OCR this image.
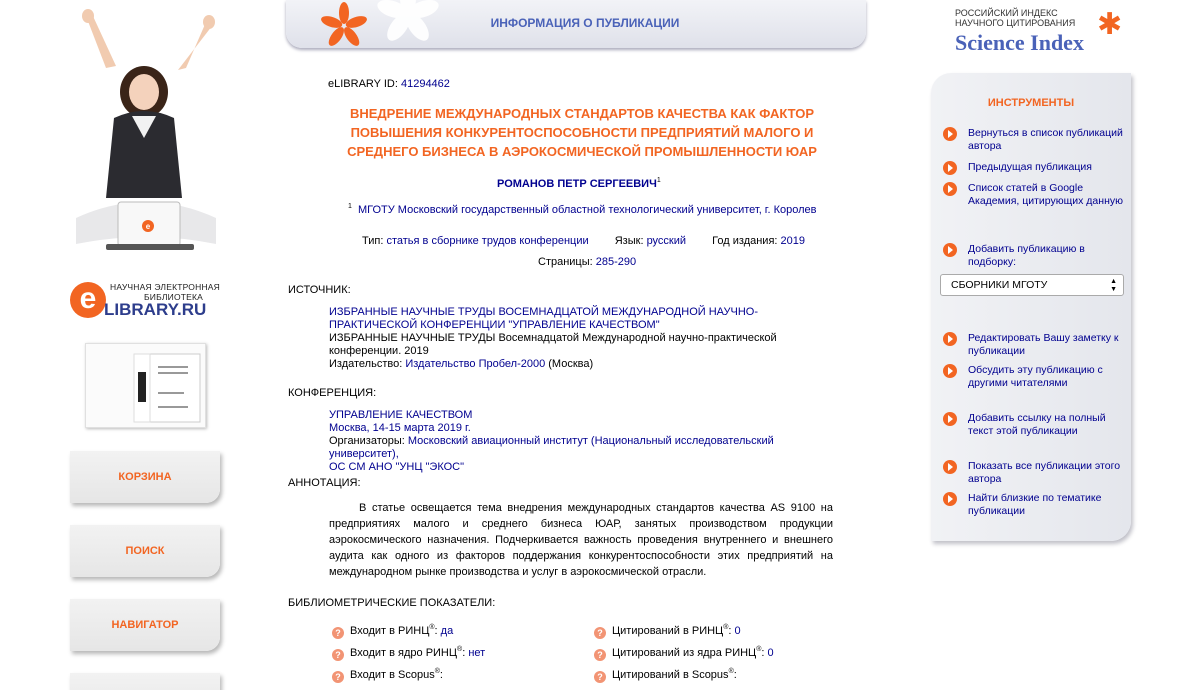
e
НАУЧНАЯ ЭЛЕКТРОННАЯ
БИБЛИОТЕКА
e LIBRARY.RU
КОРЗИНА
ПОИСК
НАВИГАТОР
ИНФОРМАЦИЯ О ПУБЛИКАЦИИ
eLIBRARY ID: 41294462
ВНЕДРЕНИЕ МЕЖДУНАРОДНЫХ СТАНДАРТОВ КАЧЕСТВА КАК ФАКТОР ПОВЫШЕНИЯ КОНКУРЕНТОСПОСОБНОСТИ ПРЕДПРИЯТИЙ МАЛОГО И СРЕДНЕГО БИЗНЕСА В АЭРОКОСМИЧЕСКОЙ ПРОМЫШЛЕННОСТИ ЮАР
РОМАНОВ ПЕТР СЕРГЕЕВИЧ$^1$
$^1$ МГОТУ Московский государственный областной технологический университет, г. Королев
Тип: статья в сборнике трудов конференции Язык: русский Год издания: 2019
Страницы: 285-290
ИСТОЧНИК:
ИЗБРАННЫЕ НАУЧНЫЕ ТРУДЫ ВОСЕМНАДЦАТОЙ МЕЖДУНАРОДНОЙ НАУЧНО-ПРАКТИЧЕСКОЙ КОНФЕРЕНЦИИ "УПРАВЛЕНИЕ КАЧЕСТВОМ"
ИЗБРАННЫЕ НАУЧНЫЕ ТРУДЫ Восемнадцатой Международной научно-практической конференции. 2019
Издательство: Издательство Пробел-2000 (Москва)
КОНФЕРЕНЦИЯ:
УПРАВЛЕНИЕ КАЧЕСТВОМ
Москва, 14-15 марта 2019 г.
Организаторы: Московский авиационный институт (Национальный исследовательский университет),
ОС СМ АНО "УНЦ "ЭКОС"
АННОТАЦИЯ:
В статье освещается тема внедрения международных стандартов качества AS 9100 на предприятиях малого и среднего бизнеса ЮАР, занятых производством продукции аэрокосмического назначения. Подчеркивается важность проведения внутреннего и внешнего аудита как одного из факторов поддержания конкурентоспособности этих предприятий на международном рынке производства и услуг в аэрокосмической отрасли.
БИБЛИОМЕТРИЧЕСКИЕ ПОКАЗАТЕЛИ:
? Входит в РИНЦ®: да	? Цитирований в РИНЦ®: 0
? Входит в ядро РИНЦ®: нет	? Цитирований из ядра РИНЦ®: 0
? Входит в Scopus®:	? Цитирований в Scopus®:
РОССИЙСКИЙ ИНДЕКС
НАУЧНОГО ЦИТИРОВАНИЯ
Science Index
✱
ИНСТРУМЕНТЫ
Вернуться в список публикаций автора
Предыдущая публикация
Список статей в Google Академия, цитирующих данную
Добавить публикацию в подборку:
Редактировать Вашу заметку к публикации
Обсудить эту публикацию с другими читателями
Добавить ссылку на полный текст этой публикации
Показать все публикации этого автора
Найти близкие по тематике публикации
СБОРНИКИ МГОТУ	▲
▼
